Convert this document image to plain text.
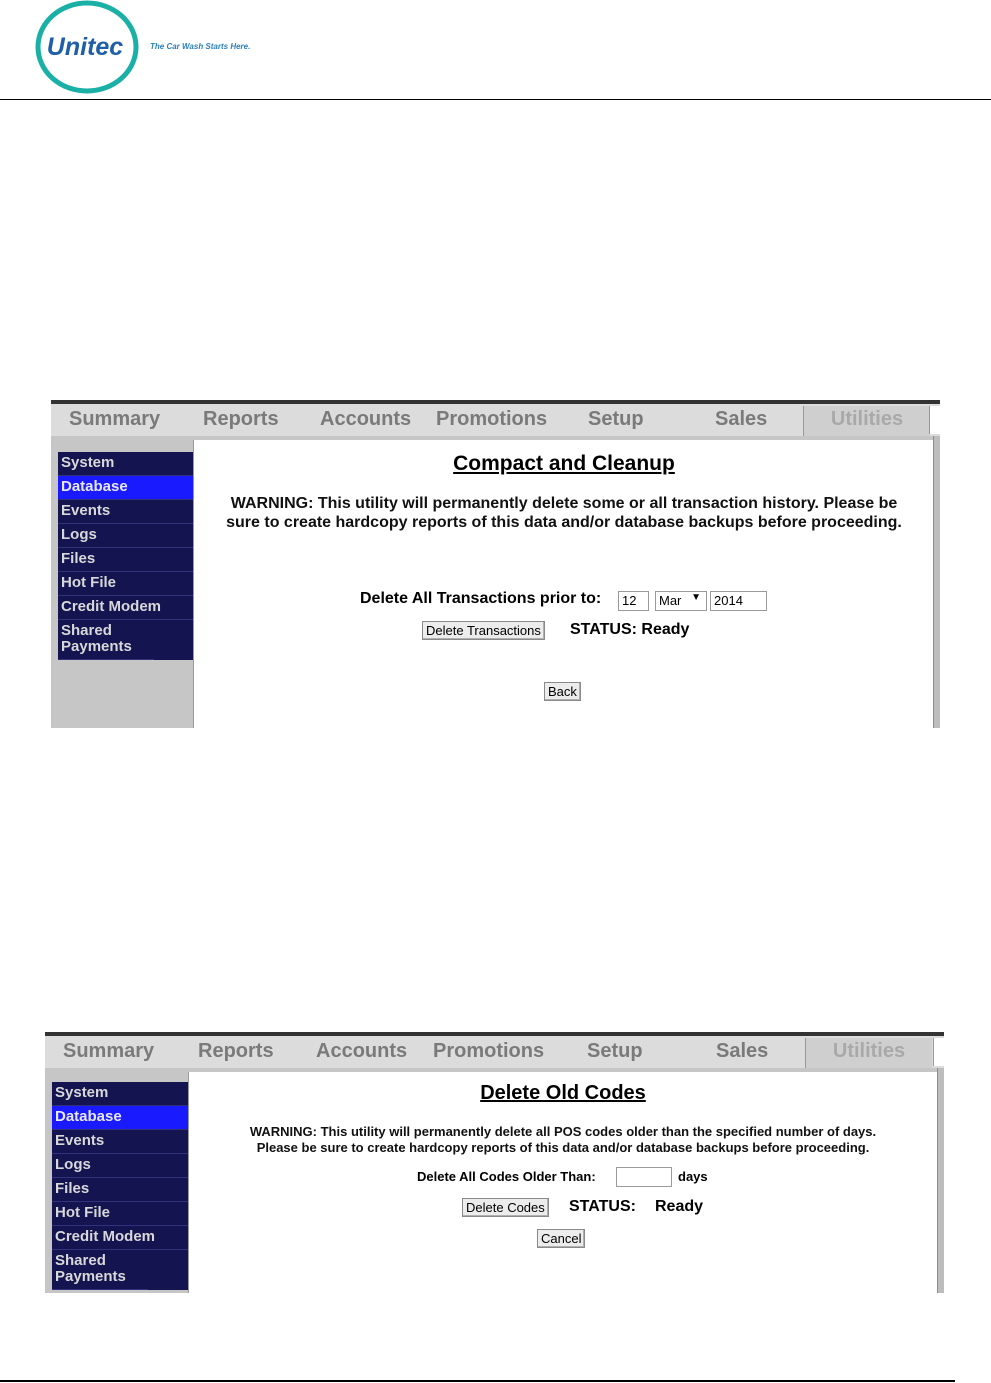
Unitec	The Car Wash Starts Here.
Summary Reports Accounts Promotions Setup	Sales	Utilities
System
Database
Events
Logs
Files
Hot File
Credit Modem
Shared Payments
Compact and Cleanup
WARNING: This utility will permanently delete some or all transaction history. Please be sure to create hardcopy reports of this data and/or database backups before proceeding.
Delete All Transactions prior to:	12	Mar ▼	2014
Delete Transactions STATUS: Ready
Back
Summary Reports Accounts Promotions Setup	Sales	Utilities
System
Database
Events
Logs
Files
Hot File
Credit Modem
Shared Payments
Delete Old Codes
WARNING: This utility will permanently delete all POS codes older than the specified number of days.
Please be sure to create hardcopy reports of this data and/or database backups before proceeding.
Delete All Codes Older Than:	days
Delete Codes STATUS: Ready
Cancel
